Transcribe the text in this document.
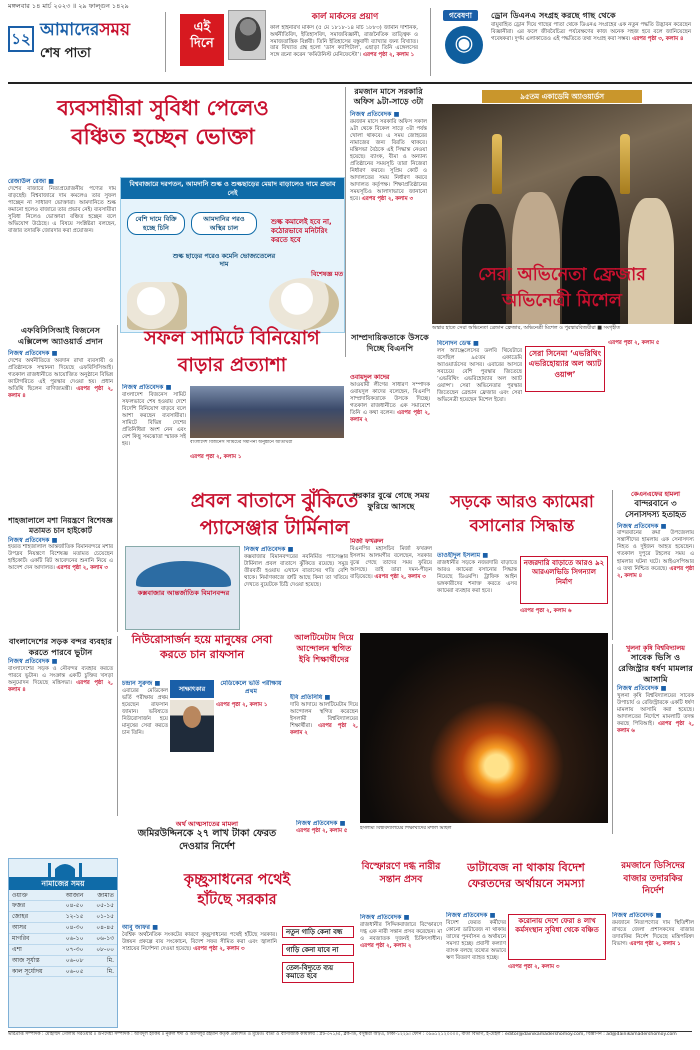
মঙ্গলবার ১৪ মার্চ ২০২৩ ॥ ২৯ ফাল্গুন ১৪২৯
১২ আমাদেরসময়
শেষ পাতা
এই দিনে
কার্ল মার্কসের প্রয়াণ
কার্ল হাইনরিখ মার্কস (৫ মে ১৮১৮-১৪ মার্চ ১৮৮৩) জার্মান দার্শনিক, অর্থনীতিবিদ, ইতিহাসবিদ, সমাজবিজ্ঞানী, রাজনৈতিক তাত্ত্বিক ও সমাজতান্ত্রিক বিপ্লবী। তিনি ইতিহাসের বস্তুবাদী ব্যাখ্যার জন্য বিখ্যাত। তার বিখ্যাত গ্রন্থ হলো ‘ডাস ক্যাপিটাল’, এছাড়া তিনি এঙ্গেলসের সঙ্গে রচনা করেন ‘কমিউনিস্ট মেনিফেস্টো’। এরপর পৃষ্ঠা ২, কলাম ১
গবেষণা
◉
ড্রোন ডিএনএ সংগ্রহ করছে গাছ থেকে
বায়ুবাহিত ড্রোন দিয়ে গাছের পাতা থেকে ডিএনএ সংগ্রহের এক নতুন পদ্ধতি উদ্ভাবন করেছেন বিজ্ঞানীরা। এর ফলে জীববৈচিত্র্য পর্যবেক্ষণের কাজ অনেক সহজ হবে বলে জানিয়েছেন গবেষকরা। দুর্গম এলাকাতেও এই পদ্ধতিতে তথ্য সংগ্রহ করা সম্ভব। এরপর পৃষ্ঠা ৩, কলাম ৪
ব্যবসায়ীরা সুবিধা পেলেও
বঞ্চিত হচ্ছেন ভোক্তা
রেজাউল রেজা ■
দেশের বাজারে নিত্যপ্রয়োজনীয় পণ্যের দাম বাড়ছেই। বিশ্ববাজারে দাম কমলেও তার সুফল পাচ্ছেন না সাধারণ ভোক্তারা। আমদানিতে শুল্ক কমানো হলেও বাজারে তার প্রভাব নেই। ব্যবসায়ীরা সুবিধা নিলেও ভোক্তারা বঞ্চিত হচ্ছেন বলে অভিযোগ উঠেছে। এ বিষয়ে সংশ্লিষ্টরা বলছেন, বাজার তদারকি জোরদার করা প্রয়োজন।
বিশ্ববাজারে দরপতন, আমদানি শুল্ক ও শুল্কছাড়ের মেয়াদ বাড়ালেও দামে প্রভাব নেই
বেশি দামে বিক্রি হচ্ছে চিনি
আমদানির পরও অস্থির চাল
শুল্ক ছাড়ের পরেও কমেনি ভোজ্যতেলের দাম
শুল্ক কমালেই হবে না, কঠোরভাবে মনিটরিং করতে হবে
বিশেষজ্ঞ মত
রমজান মাসে সরকারি অফিস ৯টা-সাড়ে ৩টা
নিজস্ব প্রতিবেদক ■
রমজান মাসে সরকারি অফিস সকাল ৯টা থেকে বিকেল সাড়ে ৩টা পর্যন্ত খোলা থাকবে। এ সময় জোহরের নামাজের জন্য বিরতি থাকবে। মন্ত্রিসভা বৈঠকে এই সিদ্ধান্ত নেওয়া হয়েছে। ব্যাংক, বীমা ও অন্যান্য প্রতিষ্ঠানের সময়সূচি তারা নিজেরা নির্ধারণ করবে। সুপ্রিম কোর্ট ও আদালতের সময় নির্ধারণ করবে আদালত কর্তৃপক্ষ। শিক্ষাপ্রতিষ্ঠানের সময়সূচিও আলাদাভাবে জানানো হবে। এরপর পৃষ্ঠা ২, কলাম ৩
৯৫তম একাডেমি অ্যাওয়ার্ডস
অস্কার হাতে সেরা অভিনেতা ব্রেন্ডান ফ্রেজার, অভিনেত্রী মিশেল ও পুরস্কারবিজয়ীরা ■ সংগৃহীত
সেরা অভিনেতা ফ্রেজার
অভিনেত্রী মিশেল
বিনোদন ডেস্ক ■
লস অ্যাঞ্জেলেসের ডলবি থিয়েটারে বসেছিল ৯৫তম একাডেমি অ্যাওয়ার্ডসের আসর। এবারের আসরে সবচেয়ে বেশি পুরস্কার জিতেছে ‘এভরিথিং এভরিহোয়্যার অল অ্যাট ওয়ান্স’। সেরা অভিনেতার পুরস্কার জিতেছেন ব্রেন্ডান ফ্রেজার এবং সেরা অভিনেত্রী হয়েছেন মিশেল ইয়ো।
সেরা সিনেমা ‘এভরিথিং এভরিহোয়্যার অল অ্যাট ওয়ান্স’
এরপর পৃষ্ঠা ২, কলাম ৫
এফবিসিসিআই বিজনেস এক্সিলেন্স অ্যাওয়ার্ড প্রদান
নিজস্ব প্রতিবেদক ■
দেশের অর্থনীতিতে অবদান রাখা ব্যবসায়ী ও প্রতিষ্ঠানকে সম্মাননা দিয়েছে এফবিসিসিআই। গতকাল রাজধানীতে আয়োজিত অনুষ্ঠানে বিভিন্ন ক্যাটাগরিতে এই পুরস্কার দেওয়া হয়। প্রধান অতিথি ছিলেন বাণিজ্যমন্ত্রী। এরপর পৃষ্ঠা ২, কলাম ৪
সফল সামিটে বিনিয়োগ
বাড়ার প্রত্যাশা
নিজস্ব প্রতিবেদক ■
বাংলাদেশ বিজনেস সামিট সফলভাবে শেষ হওয়ায় দেশে বিদেশি বিনিয়োগ বাড়বে বলে আশা করছেন ব্যবসায়ীরা। সামিটে বিভিন্ন দেশের প্রতিনিধিরা অংশ নেন এবং বেশ কিছু সমঝোতা স্মারক সই হয়।	বাংলাদেশ বিজনেস সামিটের সমাপনী অনুষ্ঠানে অতিথিরা
এরপর পৃষ্ঠা ২, কলাম ১
সাম্প্রদায়িকতাকে উসকে দিচ্ছে বিএনপি
ওবায়দুল কাদের
আওয়ামী লীগের সাধারণ সম্পাদক ওবায়দুল কাদের বলেছেন, বিএনপি সাম্প্রদায়িকতাকে উসকে দিচ্ছে। গতকাল রাজধানীতে এক সমাবেশে তিনি এ কথা বলেন। এরপর পৃষ্ঠা ২, কলাম ২
শাহজালালে মশা নিয়ন্ত্রণে বিশেষজ্ঞ মতামত চান হাইকোর্ট
নিজস্ব প্রতিবেদক ■
হযরত শাহজালাল আন্তর্জাতিক বিমানবন্দরে মশার উপদ্রব নিয়ন্ত্রণে বিশেষজ্ঞ মতামত চেয়েছেন হাইকোর্ট। একটি রিট আবেদনের শুনানি নিয়ে এ আদেশ দেন আদালত। এরপর পৃষ্ঠা ২, কলাম ৩
প্রবল বাতাসে ঝুঁকিতে
প্যাসেঞ্জার টার্মিনাল
কক্সবাজার আন্তর্জাতিক বিমানবন্দর
নিজস্ব প্রতিবেদক ■
কক্সবাজার বিমানবন্দরের নবনির্মিত প্যাসেঞ্জার টার্মিনাল প্রবল বাতাসে ঝুঁকিতে রয়েছে। সমুদ্র তীরবর্তী হওয়ায় এখানে বাতাসের গতি বেশি থাকে। নির্মাণকাজে ত্রুটি আছে কিনা তা খতিয়ে দেখতে বুয়েটকে চিঠি দেওয়া হয়েছে।
সরকার বুঝে গেছে সময় ফুরিয়ে আসছে
মির্জা ফখরুল
বিএনপির মহাসচিব মির্জা ফখরুল ইসলাম আলমগীর বলেছেন, সরকার বুঝে গেছে তাদের সময় ফুরিয়ে আসছে। তাই তারা দমন-পীড়ন বাড়িয়েছে। এরপর পৃষ্ঠা ২, কলাম ৩
সড়কে আরও ক্যামেরা
বসানোর সিদ্ধান্ত
তাওহীদুল ইসলাম ■
রাজধানীর সড়কে নজরদারি বাড়াতে আরও ক্যামেরা বসানোর সিদ্ধান্ত নিয়েছে ডিএমপি। ট্রাফিক আইন ভঙ্গকারীদের শনাক্ত করতে এসব ক্যামেরা ব্যবহার করা হবে।
নজরদারি বাড়াতে আরও ৯২ আরএলভিডি সিগন্যাল নির্মাণ
এরপর পৃষ্ঠা ২, কলাম ৬
কেএনএফের হামলা
বান্দরবানে ৩ সেনাসদস্য হতাহত
নিজস্ব প্রতিবেদক ■
বান্দরবানের রুমা উপজেলায় সন্ত্রাসীদের হামলায় এক সেনাসদস্য নিহত ও দুইজন আহত হয়েছেন। গতকাল দুপুরে টহলের সময় এ হামলার ঘটনা ঘটে। আইএসপিআর এ তথ্য নিশ্চিত করেছে। এরপর পৃষ্ঠা ২, কলাম ৪
বাংলাদেশের সড়ক বন্দর ব্যবহার করতে পারবে ভুটান
নিজস্ব প্রতিবেদক ■
বাংলাদেশের সড়ক ও নৌবন্দর ব্যবহার করতে পারবে ভুটান। এ সংক্রান্ত একটি চুক্তির খসড়া অনুমোদন দিয়েছে মন্ত্রিসভা। এরপর পৃষ্ঠা ২, কলাম ৪
নিউরোসার্জন হয়ে মানুষের সেবা করতে চান রাফসান
চন্দ্রান সুরুজ ■
এবারের মেডিকেল ভর্তি পরীক্ষায় প্রথম হয়েছেন রাফসান জামান। ভবিষ্যতে নিউরোসার্জন হয়ে মানুষের সেবা করতে চান তিনি।
সাক্ষাৎকার
মেডিকেলে ভর্তি পরীক্ষায় প্রথম
এরপর পৃষ্ঠা ২, কলাম ১
আলটিমেটাম দিয়ে আন্দোলন স্থগিত ইবি শিক্ষার্থীদের
ইবি প্রতিনিধি ■
দাবি আদায়ে আলটিমেটাম দিয়ে আন্দোলন স্থগিত করেছেন ইসলামী বিশ্ববিদ্যালয়ের শিক্ষার্থীরা। এরপর পৃষ্ঠা ২, কলাম ২
ইসলামী বিশ্ববিদ্যালয়ের শিক্ষার্থীদের মশাল মিছিল
খুলনা কৃষি বিশ্ববিদ্যালয়
সাবেক ভিসি ও রেজিস্ট্রার ধর্ষণ মামলার আসামি
নিজস্ব প্রতিবেদক ■
খুলনা কৃষি বিশ্ববিদ্যালয়ের সাবেক উপাচার্য ও রেজিস্ট্রারকে একটি ধর্ষণ মামলায় আসামি করা হয়েছে। আদালতের নির্দেশে মামলাটি তদন্ত করছে পিবিআই। এরপর পৃষ্ঠা ২, কলাম ৬
নামাজের সময়
ওয়াক্ত	আজান	জামাত
ফজর	০৪-৫০	০৫-১৫
জোহর	১২-১৫	০১-১৫
আসর	০৪-৩০	০৪-৪৫
মাগরিব	০৬-১০	০৬-১৩
এশা	০৭-৩০	০৮-০০
আজ সূর্যাস্ত	০৬-০৮	মি.
কাল সূর্যোদয়	০৬-০৫	মি.
অর্থ আত্মসাতের মামলা
জমিরউদ্দিনকে ২৭ লাখ টাকা ফেরত দেওয়ার নির্দেশ
নিজস্ব প্রতিবেদক ■
এরপর পৃষ্ঠা ২, কলাম ৫
কৃচ্ছ্রসাধনের পথেই
হাঁটছে সরকার
আবু জাফর ■
বৈশ্বিক অর্থনৈতিক সংকটের কারণে কৃচ্ছ্রসাধনের পথেই হাঁটছে সরকার। উন্নয়ন প্রকল্পে ব্যয় সংকোচন, বিদেশ সফর সীমিত করা এবং জ্বালানি সাশ্রয়ের নির্দেশনা দেওয়া হয়েছে। এরপর পৃষ্ঠা ২, কলাম ৩
নতুন গাড়ি কেনা বন্ধ
গাড়ি কেনা যাবে না
তেল-বিদ্যুতে ব্যয় কমাতে হবে
বিস্ফোরণে দগ্ধ নারীর সন্তান প্রসব
নিজস্ব প্রতিবেদক ■
রাজধানীর সিদ্দিকবাজারে বিস্ফোরণে দগ্ধ এক নারী সন্তান প্রসব করেছেন। মা ও নবজাতক দুজনই চিকিৎসাধীন। এরপর পৃষ্ঠা ২, কলাম ২
ডাটাবেজ না থাকায় বিদেশ ফেরতদের অর্থায়নে সমস্যা
নিজস্ব প্রতিবেদক ■
বিদেশ ফেরত কর্মীদের কোনো ডাটাবেজ না থাকায় তাদের পুনর্বাসন ও অর্থায়নে সমস্যা হচ্ছে। প্রবাসী কল্যাণ ব্যাংক বলছে তথ্যের অভাবে ঋণ বিতরণ ব্যাহত হচ্ছে।
করোনায় দেশে ফেরা ৪ লাখ কর্মসংস্থান সুবিধা থেকে বঞ্চিত
এরপর পৃষ্ঠা ২, কলাম ৩
রমজানে ডিসিদের বাজার তদারকির নির্দেশ
নিজস্ব প্রতিবেদক ■
রমজানে নিত্যপণ্যের দাম স্থিতিশীল রাখতে জেলা প্রশাসকদের বাজার তদারকির নির্দেশ দিয়েছে মন্ত্রিপরিষদ বিভাগ। এরপর পৃষ্ঠা ২, কলাম ১
ভারপ্রাপ্ত সম্পাদক : মোহাম্মদ গোলাম সরওয়ার ॥ উপদেষ্টা সম্পাদক : আবদুল হাকিম ॥ নুরুল হুদা ও আদিলুর রহমান কর্তৃক প্রকাশিত ও মুদ্রিত। বার্তা ও বাণিজ্যিক কার্যালয় : প্লট-৩৭১/এ, ব্লক-ডি, বসুন্ধরা আ/এ, ঢাকা-১২২৯। ফোন : ০৯৬১২১২০০০০, বার্তা বিভাগ, ই-মেইল : editor@dainikamadershomoy.com, বিজ্ঞাপন : ad@dainikamadershomoy.com
